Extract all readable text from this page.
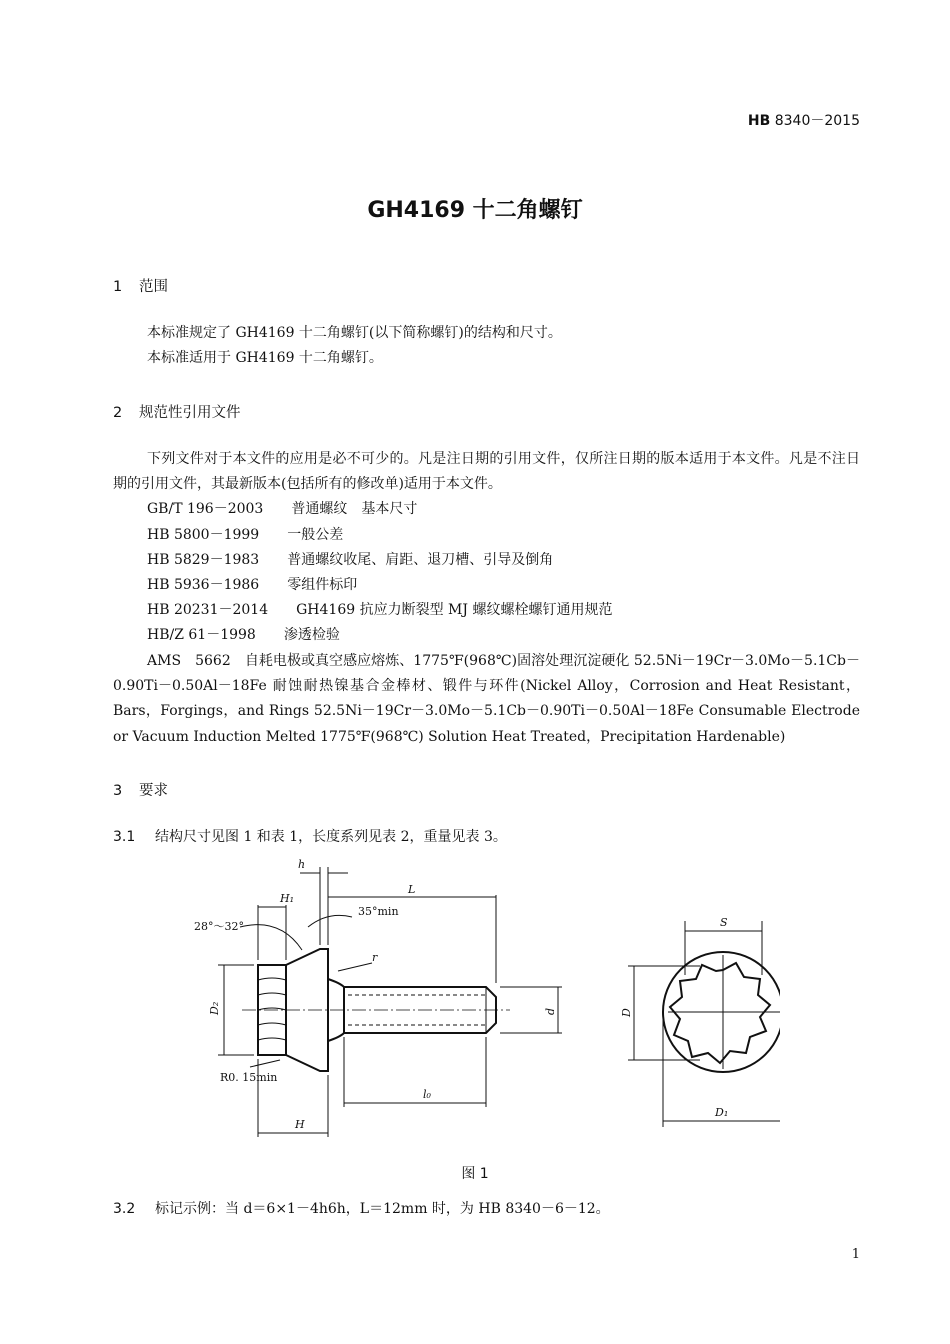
HB 8340－2015
GH4169 十二角螺钉
1 范围
本标准规定了 GH4169 十二角螺钉(以下简称螺钉)的结构和尺寸。
本标准适用于 GH4169 十二角螺钉。
2 规范性引用文件
下列文件对于本文件的应用是必不可少的。凡是注日期的引用文件，仅所注日期的版本适用于本文件。凡是不注日期的引用文件，其最新版本(包括所有的修改单)适用于本文件。
GB/T 196－2003 普通螺纹　基本尺寸
HB 5800－1999 一般公差
HB 5829－1983 普通螺纹收尾、肩距、退刀槽、引导及倒角
HB 5936－1986 零组件标印
HB 20231－2014 GH4169 抗应力断裂型 MJ 螺纹螺栓螺钉通用规范
HB/Z 61－1998 渗透检验
AMS　5662　自耗电极或真空感应熔炼、1775℉(968℃)固溶处理沉淀硬化 52.5Ni－19Cr－3.0Mo－5.1Cb－0.90Ti－0.50Al－18Fe 耐蚀耐热镍基合金棒材、锻件与环件(Nickel Alloy，Corrosion and Heat Resistant，Bars，Forgings，and Rings 52.5Ni－19Cr－3.0Mo－5.1Cb－0.90Ti－0.50Al－18Fe Consumable Electrode or Vacuum Induction Melted 1775℉(968℃) Solution Heat Treated，Precipitation Hardenable)
3 要求
3.1 结构尺寸见图 1 和表 1，长度系列见表 2，重量见表 3。
h
H₁
L
28°～32°
35°min
r
D₂	d
R0. 15min
l₀
H
S
D
D₁
图 1
3.2 标记示例：当 d＝6×1－4h6h，L＝12mm 时，为 HB 8340－6－12。
1
